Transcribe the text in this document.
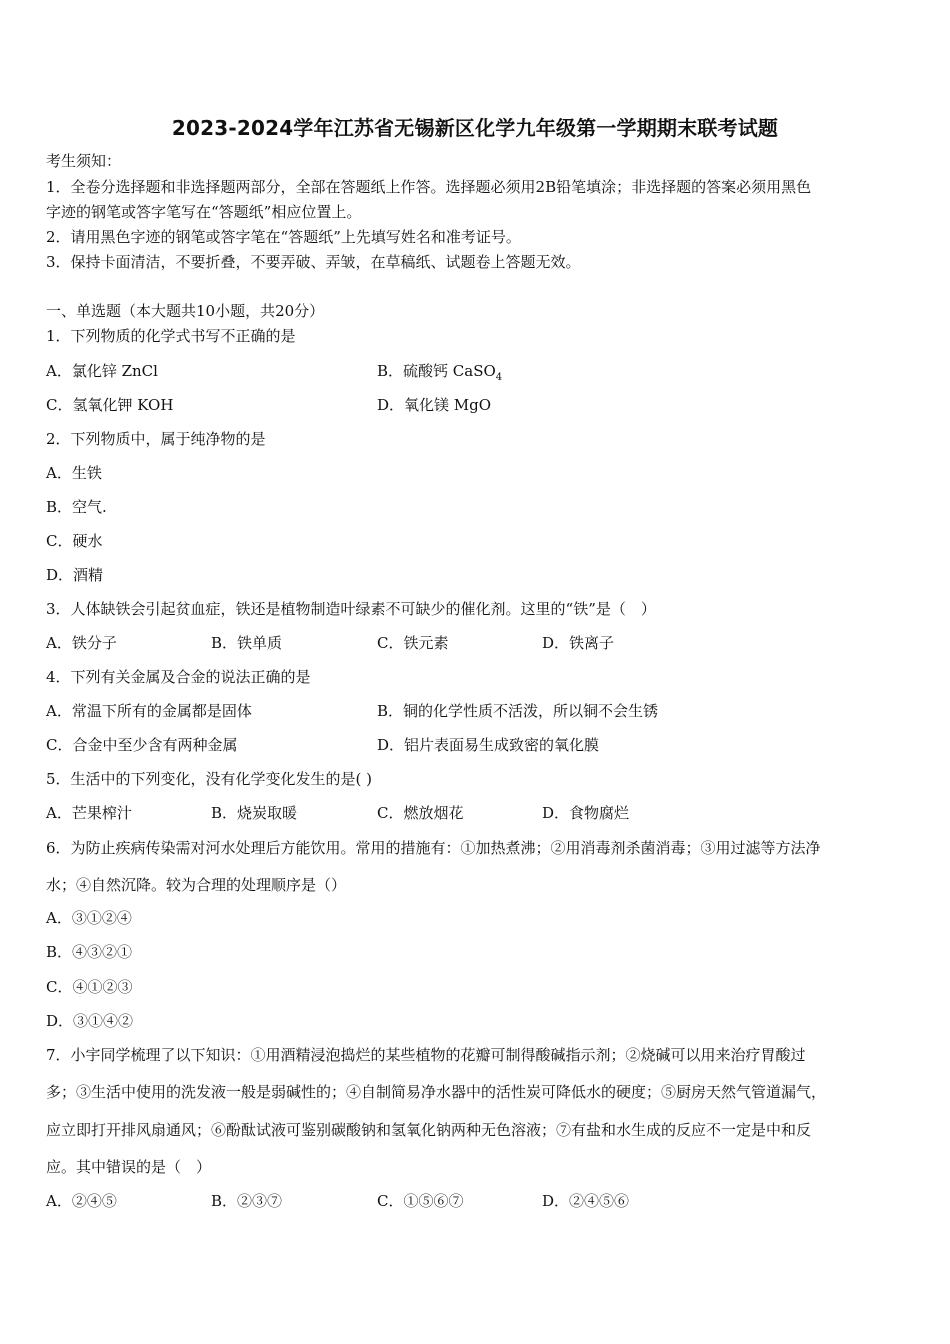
2023-2024学年江苏省无锡新区化学九年级第一学期期末联考试题
考生须知：
1．全卷分选择题和非选择题两部分，全部在答题纸上作答。选择题必须用2B铅笔填涂；非选择题的答案必须用黑色
字迹的钢笔或答字笔写在“答题纸”相应位置上。
2．请用黑色字迹的钢笔或答字笔在“答题纸”上先填写姓名和准考证号。
3．保持卡面清洁，不要折叠，不要弄破、弄皱，在草稿纸、试题卷上答题无效。
一、单选题（本大题共10小题，共20分）
1．下列物质的化学式书写不正确的是
A．氯化锌 ZnCl	B．硫酸钙 CaSO$_4$
C．氢氧化钾 KOH	D．氧化镁 MgO
2．下列物质中，属于纯净物的是
A．生铁
B．空气.
C．硬水
D．酒精
3．人体缺铁会引起贫血症，铁还是植物制造叶绿素不可缺少的催化剂。这里的“铁”是（　）
A．铁分子	B．铁单质	C．铁元素	D．铁离子
4．下列有关金属及合金的说法正确的是
A．常温下所有的金属都是固体	B．铜的化学性质不活泼，所以铜不会生锈
C．合金中至少含有两种金属	D．铝片表面易生成致密的氧化膜
5．生活中的下列变化，没有化学变化发生的是( )
A．芒果榨汁	B．烧炭取暖	C．燃放烟花	D．食物腐烂
6．为防止疾病传染需对河水处理后方能饮用。常用的措施有：①加热煮沸；②用消毒剂杀菌消毒；③用过滤等方法净
水；④自然沉降。较为合理的处理顺序是（）
A．③①②④
B．④③②①
C．④①②③
D．③①④②
7．小宇同学梳理了以下知识：①用酒精浸泡捣烂的某些植物的花瓣可制得酸碱指示剂；②烧碱可以用来治疗胃酸过
多；③生活中使用的洗发液一般是弱碱性的；④自制简易净水器中的活性炭可降低水的硬度；⑤厨房天然气管道漏气，
应立即打开排风扇通风；⑥酚酞试液可鉴别碳酸钠和氢氧化钠两种无色溶液；⑦有盐和水生成的反应不一定是中和反
应。其中错误的是（　）
A．②④⑤	B．②③⑦	C．①⑤⑥⑦	D．②④⑤⑥
